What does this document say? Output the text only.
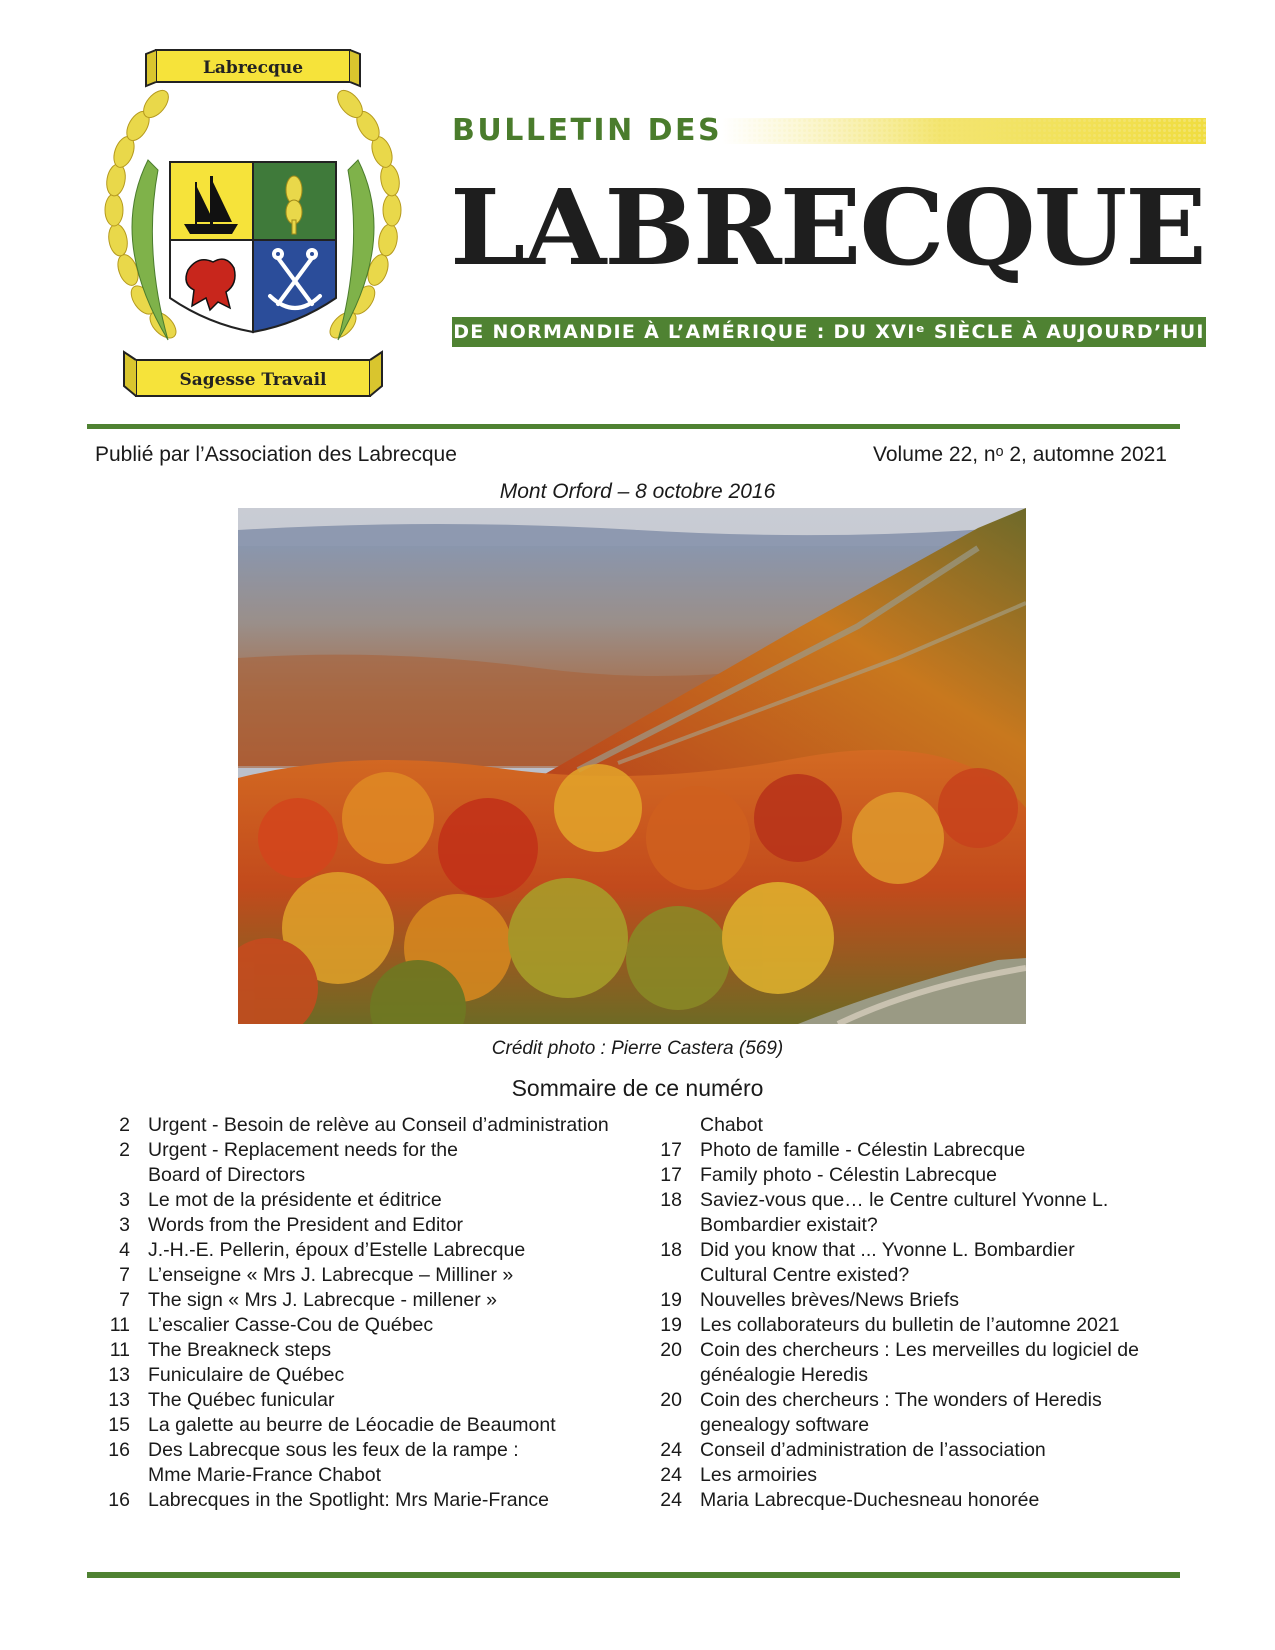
Labrecque
Sagesse Travail
BULLETIN DES
LABRECQUE
DE NORMANDIE À L’AMÉRIQUE : DU XVIᵉ SIÈCLE À AUJOURD’HUI
Publié par l’Association des Labrecque	Volume 22, nᵒ 2, automne 2021
Mont Orford – 8 octobre 2016
Crédit photo : Pierre Castera (569)
Sommaire de ce numéro
2 Urgent - Besoin de relève au Conseil d’administration
2 Urgent - Replacement needs for the
Board of Directors
3 Le mot de la présidente et éditrice
3 Words from the President and Editor
4 J.-H.-E. Pellerin, époux d’Estelle Labrecque
7 L’enseigne « Mrs J. Labrecque – Milliner »
7 The sign « Mrs J. Labrecque - millener »
11 L’escalier Casse-Cou de Québec
11 The Breakneck steps
13 Funiculaire de Québec
13 The Québec funicular
15 La galette au beurre de Léocadie de Beaumont
16 Des Labrecque sous les feux de la rampe :
Mme Marie-France Chabot
16 Labrecques in the Spotlight: Mrs Marie-France
Chabot
17 Photo de famille - Célestin Labrecque
17 Family photo - Célestin Labrecque
18 Saviez-vous que… le Centre culturel Yvonne L.
Bombardier existait?
18 Did you know that ... Yvonne L. Bombardier
Cultural Centre existed?
19 Nouvelles brèves/News Briefs
19 Les collaborateurs du bulletin de l’automne 2021
20 Coin des chercheurs : Les merveilles du logiciel de
généalogie Heredis
20 Coin des chercheurs : The wonders of Heredis
genealogy software
24 Conseil d’administration de l’association
24 Les armoiries
24 Maria Labrecque-Duchesneau honorée
